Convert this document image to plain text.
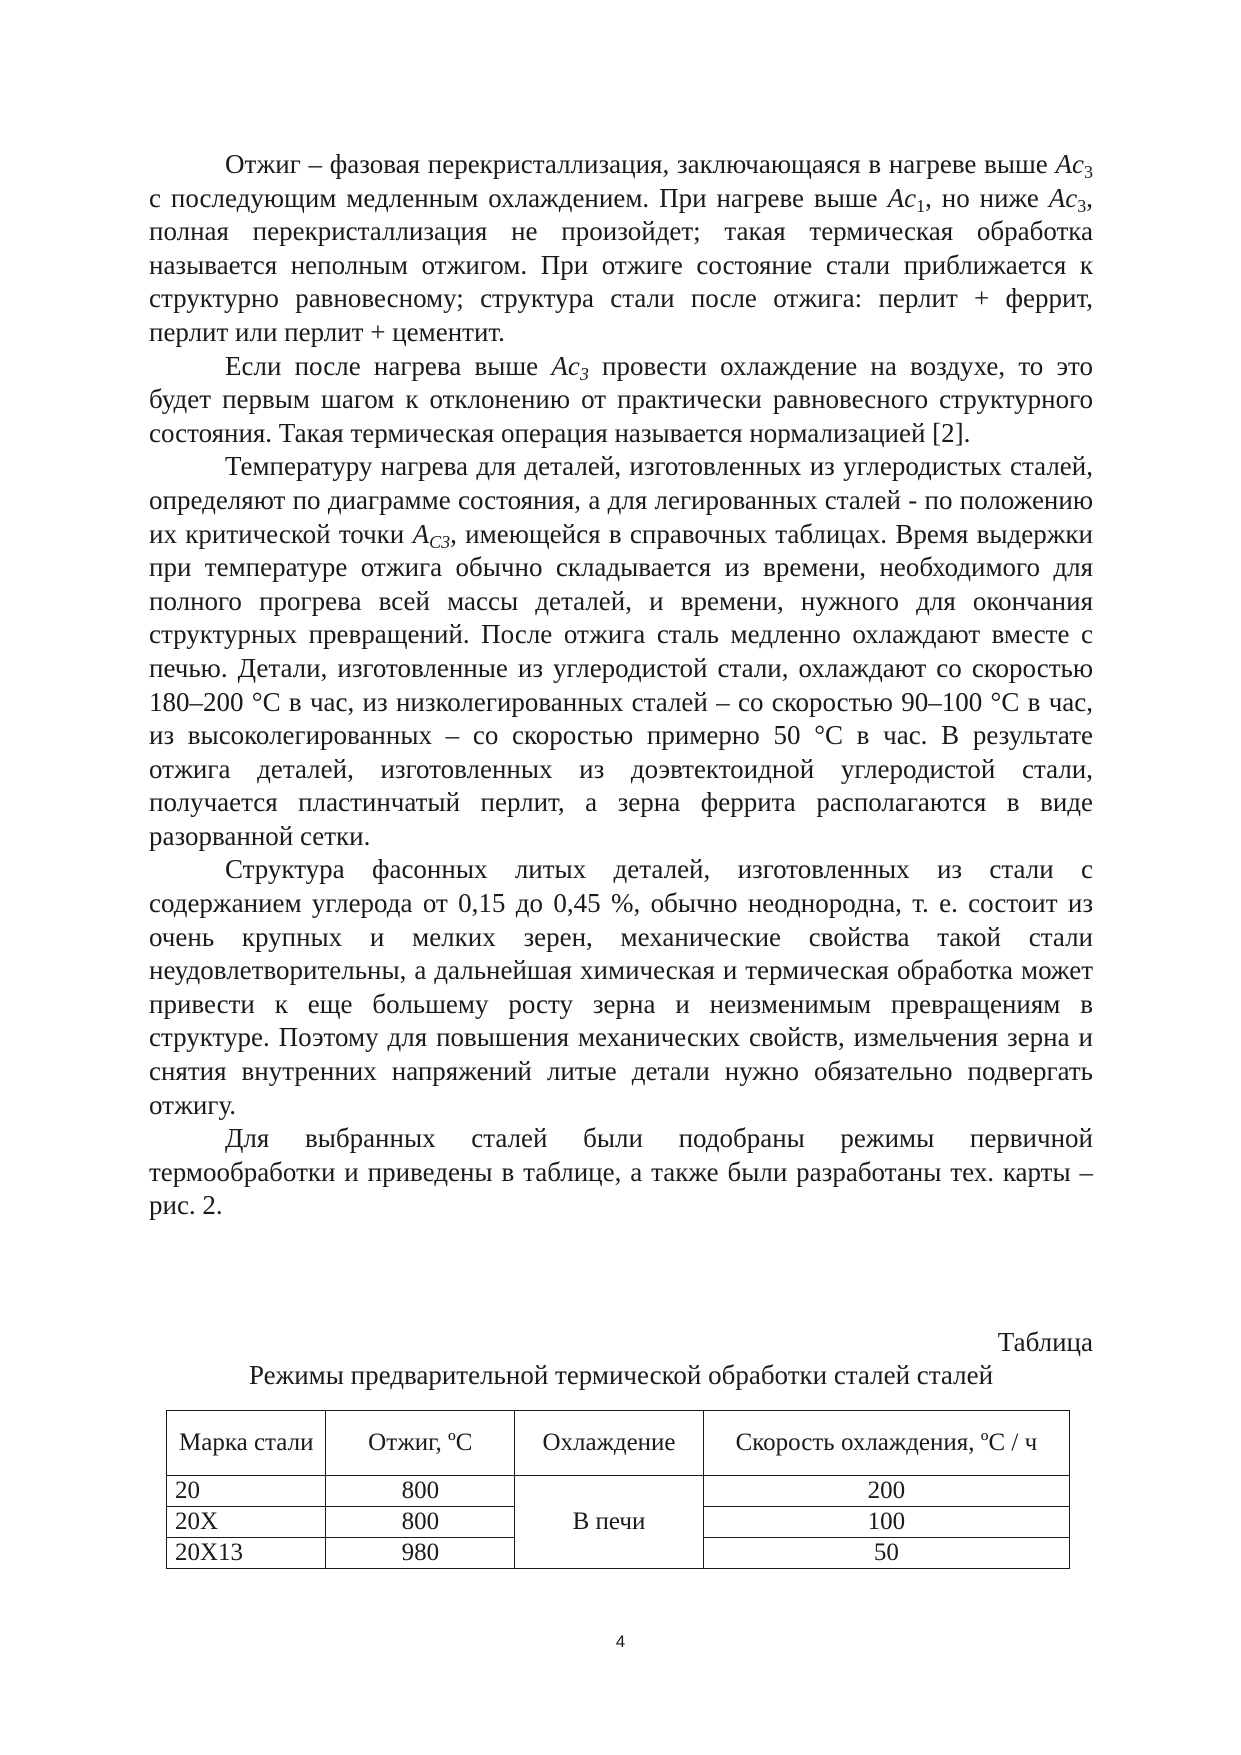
Отжиг – фазовая перекристаллизация, заключающаяся в нагреве выше $Ac_3$ с последующим медленным охлаждением. При нагреве выше $Ac_1$, но ниже $Ac_3$, полная перекристаллизация не произойдет; такая термическая обработка называется неполным отжигом. При отжиге состояние стали приближается к структурно равновесному; структура стали после отжига: перлит + феррит, перлит или перлит + цементит.

Если после нагрева выше $Ac_3$ провести охлаждение на воздухе, то это будет первым шагом к отклонению от практически равновесного структурного состояния. Такая термическая операция называется нормализацией [2].

Температуру нагрева для деталей, изготовленных из углеродистых сталей, определяют по диаграмме состояния, а для легированных сталей - по положению их критической точки $A_{C3}$, имеющейся в справочных таблицах. Время выдержки при температуре отжига обычно складывается из времени, необходимого для полного прогрева всей массы деталей, и времени, нужного для окончания структурных превращений. После отжига сталь медленно охлаждают вместе с печью. Детали, изготовленные из углеродистой стали, охлаждают со скоростью 180–200 °С в час, из низколегированных сталей – со скоростью 90–100 °С в час, из высоколегированных – со скоростью примерно 50 °С в час. В результате отжига деталей, изготовленных из доэвтектоидной углеродистой стали, получается пластинчатый перлит, а зерна феррита располагаются в виде разорванной сетки.

Структура фасонных литых деталей, изготовленных из стали с содержанием углерода от 0,15 до 0,45 %, обычно неоднородна, т. е. состоит из очень крупных и мелких зерен, механические свойства такой стали неудовлетворительны, а дальнейшая химическая и термическая обработка может привести к еще большему росту зерна и неизменимым превращениям в структуре. Поэтому для повышения механических свойств, измельчения зерна и снятия внутренних напряжений литые детали нужно обязательно подвергать отжигу.

Для выбранных сталей были подобраны режимы первичной термообработки и приведены в таблице, а также были разработаны тех. карты – рис. 2.

Таблица
Режимы предварительной термической обработки сталей сталей
Марка стали	Отжиг, ºС	Охлаждение	Скорость охлаждения, ºС / ч
20	800	В печи	200
20Х	800		100
20Х13	980		50
4
